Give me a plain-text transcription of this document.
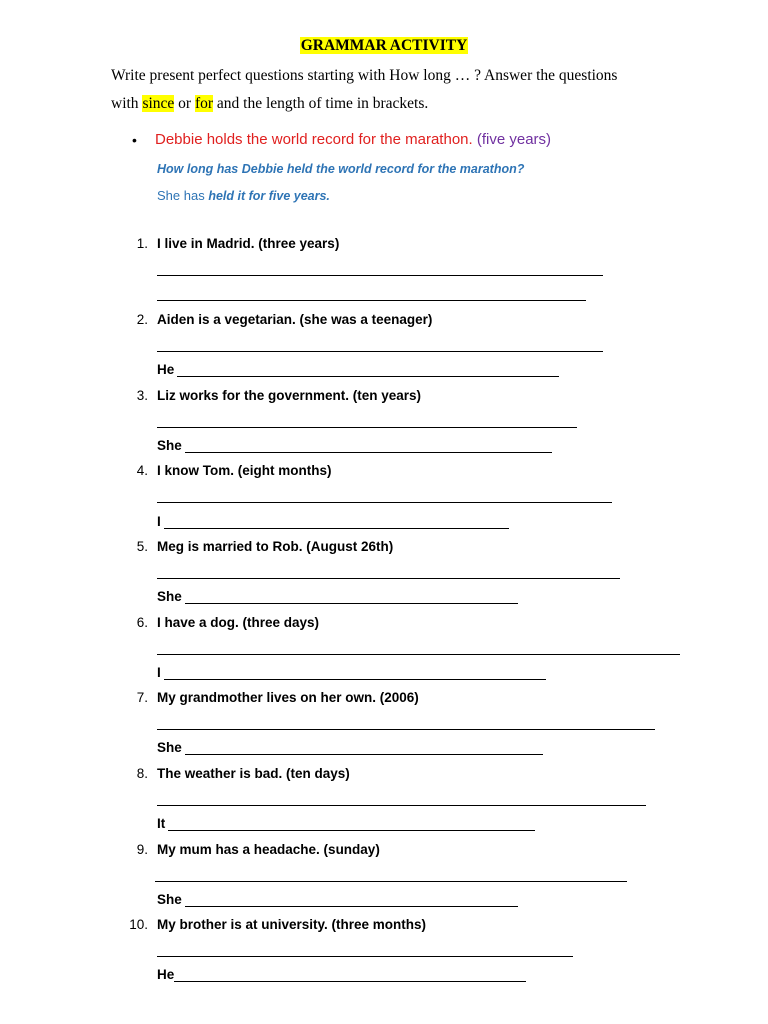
GRAMMAR ACTIVITY
Write present perfect questions starting with How long … ? Answer the questions
with since or for and the length of time in brackets.
• Debbie holds the world record for the marathon. (five years)
How long has Debbie held the world record for the marathon?
She has held it for five years.
1. I live in Madrid. (three years)
2. Aiden is a vegetarian. (she was a teenager)
He
3. Liz works for the government. (ten years)
She
4. I know Tom. (eight months)
I
5. Meg is married to Rob. (August 26th)
She
6. I have a dog. (three days)
I
7. My grandmother lives on her own. (2006)
She
8. The weather is bad. (ten days)
It
9. My mum has a headache. (sunday)
She
10. My brother is at university. (three months)
He
